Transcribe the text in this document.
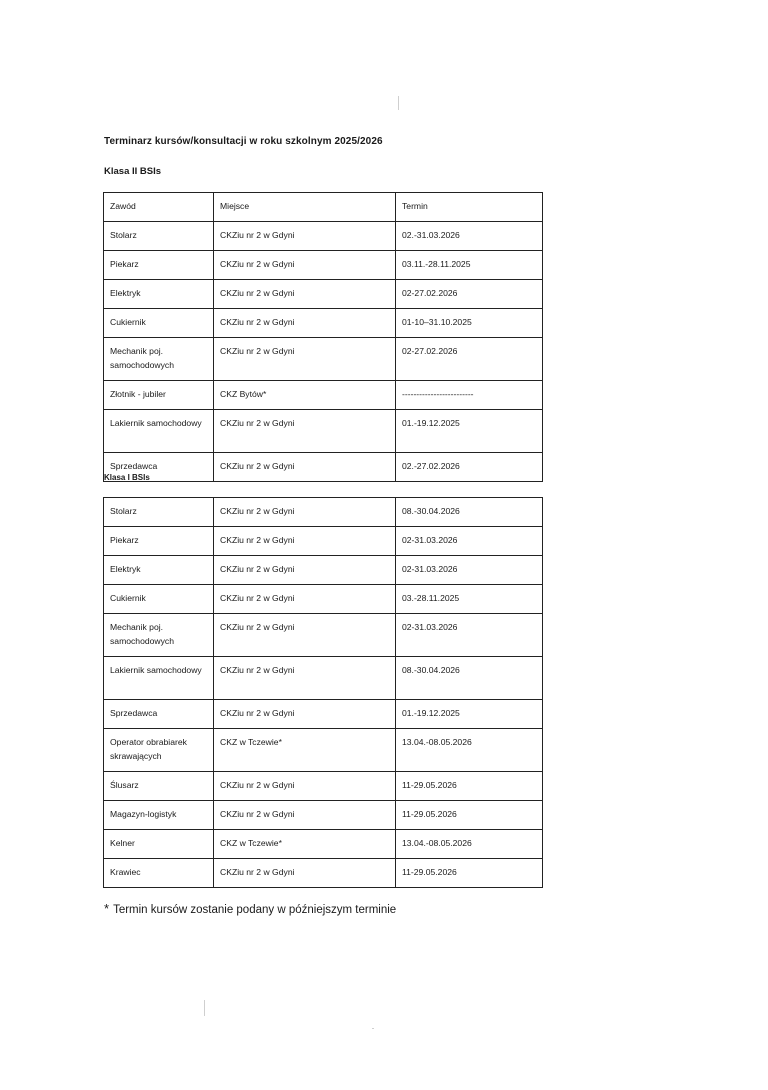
Terminarz kursów/konsultacji w roku szkolnym 2025/2026
Klasa II BSIs
Zawód	Miejsce	Termin
Stolarz	CKZiu nr 2 w Gdyni	02.-31.03.2026
Piekarz	CKZiu nr 2 w Gdyni	03.11.-28.11.2025
Elektryk	CKZiu nr 2 w Gdyni	02-27.02.2026
Cukiernik	CKZiu nr 2 w Gdyni	01-10–31.10.2025
Mechanik poj. samochodowych	CKZiu nr 2 w Gdyni	02-27.02.2026
Złotnik - jubiler	CKZ Bytów*	-------------------------
Lakiernik samochodowy	CKZiu nr 2 w Gdyni	01.-19.12.2025
Sprzedawca	CKZiu nr 2 w Gdyni	02.-27.02.2026
Klasa I BSIs
Stolarz	CKZiu nr 2 w Gdyni	08.-30.04.2026
Piekarz	CKZiu nr 2 w Gdyni	02-31.03.2026
Elektryk	CKZiu nr 2 w Gdyni	02-31.03.2026
Cukiernik	CKZiu nr 2 w Gdyni	03.-28.11.2025
Mechanik poj. samochodowych	CKZiu nr 2 w Gdyni	02-31.03.2026
Lakiernik samochodowy	CKZiu nr 2 w Gdyni	08.-30.04.2026
Sprzedawca	CKZiu nr 2 w Gdyni	01.-19.12.2025
Operator obrabiarek skrawających	CKZ w Tczewie*	13.04.-08.05.2026
Ślusarz	CKZiu nr 2 w Gdyni	11-29.05.2026
Magazyn-logistyk	CKZiu nr 2 w Gdyni	11-29.05.2026
Kelner	CKZ w Tczewie*	13.04.-08.05.2026
Krawiec	CKZiu nr 2 w Gdyni	11-29.05.2026
* Termin kursów zostanie podany w późniejszym terminie
